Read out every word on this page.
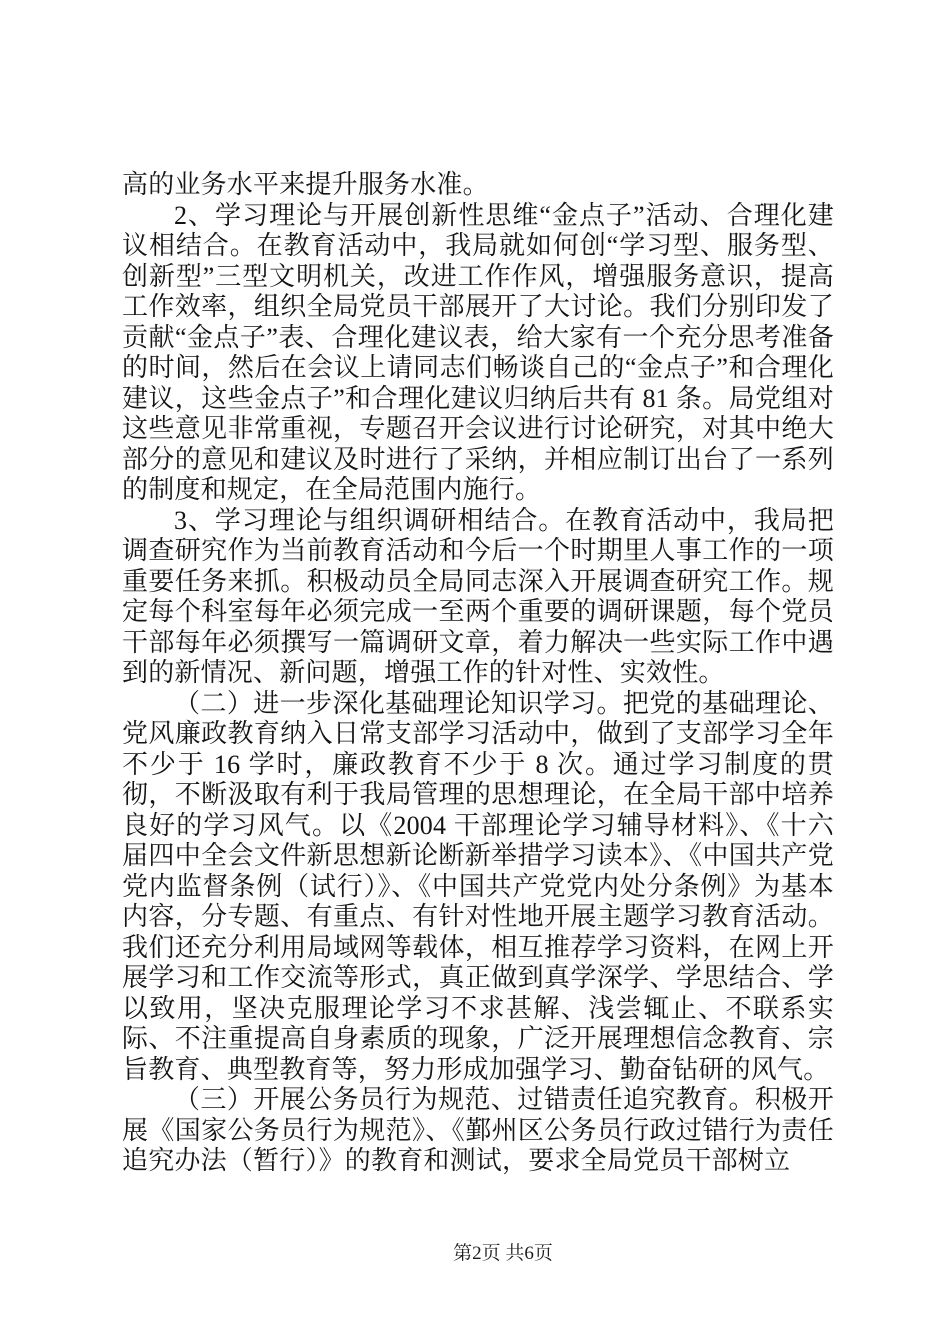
高的业务水平来提升服务水准。

2、学习理论与开展创新性思维“金点子”活动、合理化建议相结合。在教育活动中，我局就如何创“学习型、服务型、创新型”三型文明机关，改进工作作风，增强服务意识，提高工作效率，组织全局党员干部展开了大讨论。我们分别印发了贡献“金点子”表、合理化建议表，给大家有一个充分思考准备的时间，然后在会议上请同志们畅谈自己的“金点子”和合理化建议，这些金点子”和合理化建议归纳后共有 81 条。局党组对这些意见非常重视，专题召开会议进行讨论研究，对其中绝大部分的意见和建议及时进行了采纳，并相应制订出台了一系列的制度和规定，在全局范围内施行。

3、学习理论与组织调研相结合。在教育活动中，我局把调查研究作为当前教育活动和今后一个时期里人事工作的一项重要任务来抓。积极动员全局同志深入开展调查研究工作。规定每个科室每年必须完成一至两个重要的调研课题，每个党员干部每年必须撰写一篇调研文章，着力解决一些实际工作中遇到的新情况、新问题，增强工作的针对性、实效性。

（二）进一步深化基础理论知识学习。把党的基础理论、党风廉政教育纳入日常支部学习活动中，做到了支部学习全年不少于 16 学时，廉政教育不少于 8 次。通过学习制度的贯彻，不断汲取有利于我局管理的思想理论，在全局干部中培养良好的学习风气。以《2004 干部理论学习辅导材料》、《十六届四中全会文件新思想新论断新举措学习读本》、《中国共产党党内监督条例（试行）》、《中国共产党党内处分条例》为基本内容，分专题、有重点、有针对性地开展主题学习教育活动。我们还充分利用局域网等载体，相互推荐学习资料，在网上开展学习和工作交流等形式，真正做到真学深学、学思结合、学以致用，坚决克服理论学习不求甚解、浅尝辄止、不联系实际、不注重提高自身素质的现象，广泛开展理想信念教育、宗旨教育、典型教育等，努力形成加强学习、勤奋钻研的风气。

（三）开展公务员行为规范、过错责任追究教育。积极开展《国家公务员行为规范》、《鄞州区公务员行政过错行为责任追究办法（暂行）》的教育和测试，要求全局党员干部树立

第2页 共6页
